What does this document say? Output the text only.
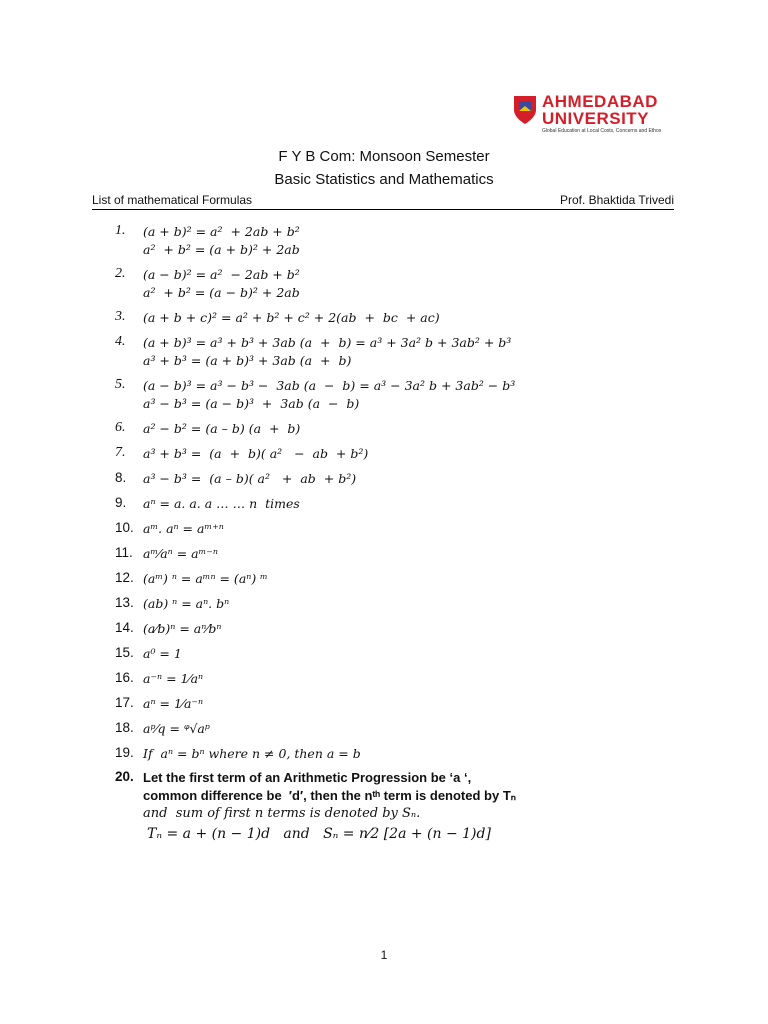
AHMEDABAD
UNIVERSITY
Global Education at Local Costs, Concerns and Ethos
F Y B Com: Monsoon Semester
Basic Statistics and Mathematics
List of mathematical Formulas	Prof. Bhaktida Trivedi
1.	(a + b)² = a²  + 2ab + b²
a²  + b² = (a + b)² + 2ab
2.	(a − b)² = a²  − 2ab + b²
a²  + b² = (a − b)² + 2ab
3.	(a + b + c)² = a² + b² + c² + 2(ab  +  bc  + ac)
4.	(a + b)³ = a³ + b³ + 3ab (a  +  b) = a³ + 3a² b + 3ab² + b³
a³ + b³ = (a + b)³ + 3ab (a  +  b)
5.	(a − b)³ = a³ − b³ −  3ab (a  −  b) = a³ − 3a² b + 3ab² − b³
a³ − b³ = (a − b)³  +  3ab (a  −  b)
6.	a² − b² = (a – b) (a  +  b)
7.	a³ + b³ =  (a  +  b)( a²   −  ab  + b²)
8.	a³ − b³ =  (a – b)( a²   +  ab  + b²)
9.	aⁿ = a. a. a … … n  times
10. aᵐ. aⁿ = aᵐ⁺ⁿ
11. aᵐ⁄aⁿ = aᵐ⁻ⁿ
12. (aᵐ) ⁿ = aᵐⁿ = (aⁿ) ᵐ
13. (ab) ⁿ = aⁿ. bⁿ
14. (a⁄b)ⁿ = aⁿ⁄bⁿ
15. a⁰ = 1
16. a⁻ⁿ = 1⁄aⁿ
17. aⁿ = 1⁄a⁻ⁿ
18. aᵖ⁄q = ᵠ√aᵖ
19. If  aⁿ = bⁿ where n ≠ 0, then a = b
20. Let the first term of an Arithmetic Progression be ‘a ‘,
common difference be  ′d′, then the nᵗʰ term is denoted by Tₙ
and  sum of first n terms is denoted by Sₙ.
Tₙ = a + (n − 1)d   and   Sₙ = n⁄2 [2a + (n − 1)d]
1
